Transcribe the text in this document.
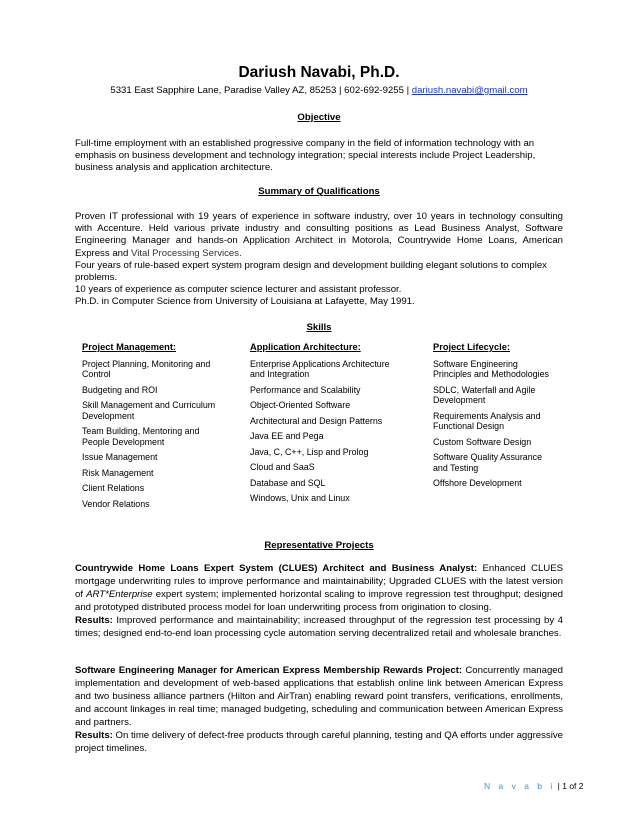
Dariush Navabi, Ph.D.
5331 East Sapphire Lane, Paradise Valley AZ, 85253 | 602-692-9255 | dariush.navabi@gmail.com
Objective

Full-time employment with an established progressive company in the field of information technology with an emphasis on business development and technology integration; special interests include Project Leadership, business analysis and application architecture.

Summary of Qualifications

Proven IT professional with 19 years of experience in software industry, over 10 years in technology consulting with Accenture. Held various private industry and consulting positions as Lead Business Analyst, Software Engineering Manager and hands-on Application Architect in Motorola, Countrywide Home Loans, American Express and Vital Processing Services.

Four years of rule-based expert system program design and development building elegant solutions to complex problems.

10 years of experience as computer science lecturer and assistant professor.

Ph.D. in Computer Science from University of Louisiana at Lafayette, May 1991.

Skills
Project Management:
Project Planning, Monitoring and Control
Budgeting and ROI
Skill Management and Curriculum Development
Team Building, Mentoring and People Development
Issue Management
Risk Management
Client Relations
Vendor Relations
Application Architecture:
Enterprise Applications Architecture and Integration
Performance and Scalability
Object-Oriented Software
Architectural and Design Patterns
Java EE and Pega
Java, C, C++, Lisp and Prolog
Cloud and SaaS
Database and SQL
Windows, Unix and Linux
Project Lifecycle:
Software Engineering Principles and Methodologies
SDLC, Waterfall and Agile Development
Requirements Analysis and Functional Design
Custom Software Design
Software Quality Assurance and Testing
Offshore Development
Representative Projects

Countrywide Home Loans Expert System (CLUES) Architect and Business Analyst: Enhanced CLUES mortgage underwriting rules to improve performance and maintainability; Upgraded CLUES with the latest version of ART*Enterprise expert system; implemented horizontal scaling to improve regression test throughput; designed and prototyped distributed process model for loan underwriting process from origination to closing.

Results: Improved performance and maintainability; increased throughput of the regression test processing by 4 times; designed end-to-end loan processing cycle automation serving decentralized retail and wholesale branches.

Software Engineering Manager for American Express Membership Rewards Project: Concurrently managed implementation and development of web-based applications that establish online link between American Express and two business alliance partners (Hilton and AirTran) enabling reward point transfers, verifications, enrollments, and account linkages in real time; managed budgeting, scheduling and communication between American Express and partners.

Results: On time delivery of defect-free products through careful planning, testing and QA efforts under aggressive project timelines.

N a v a b i | 1 of 2
